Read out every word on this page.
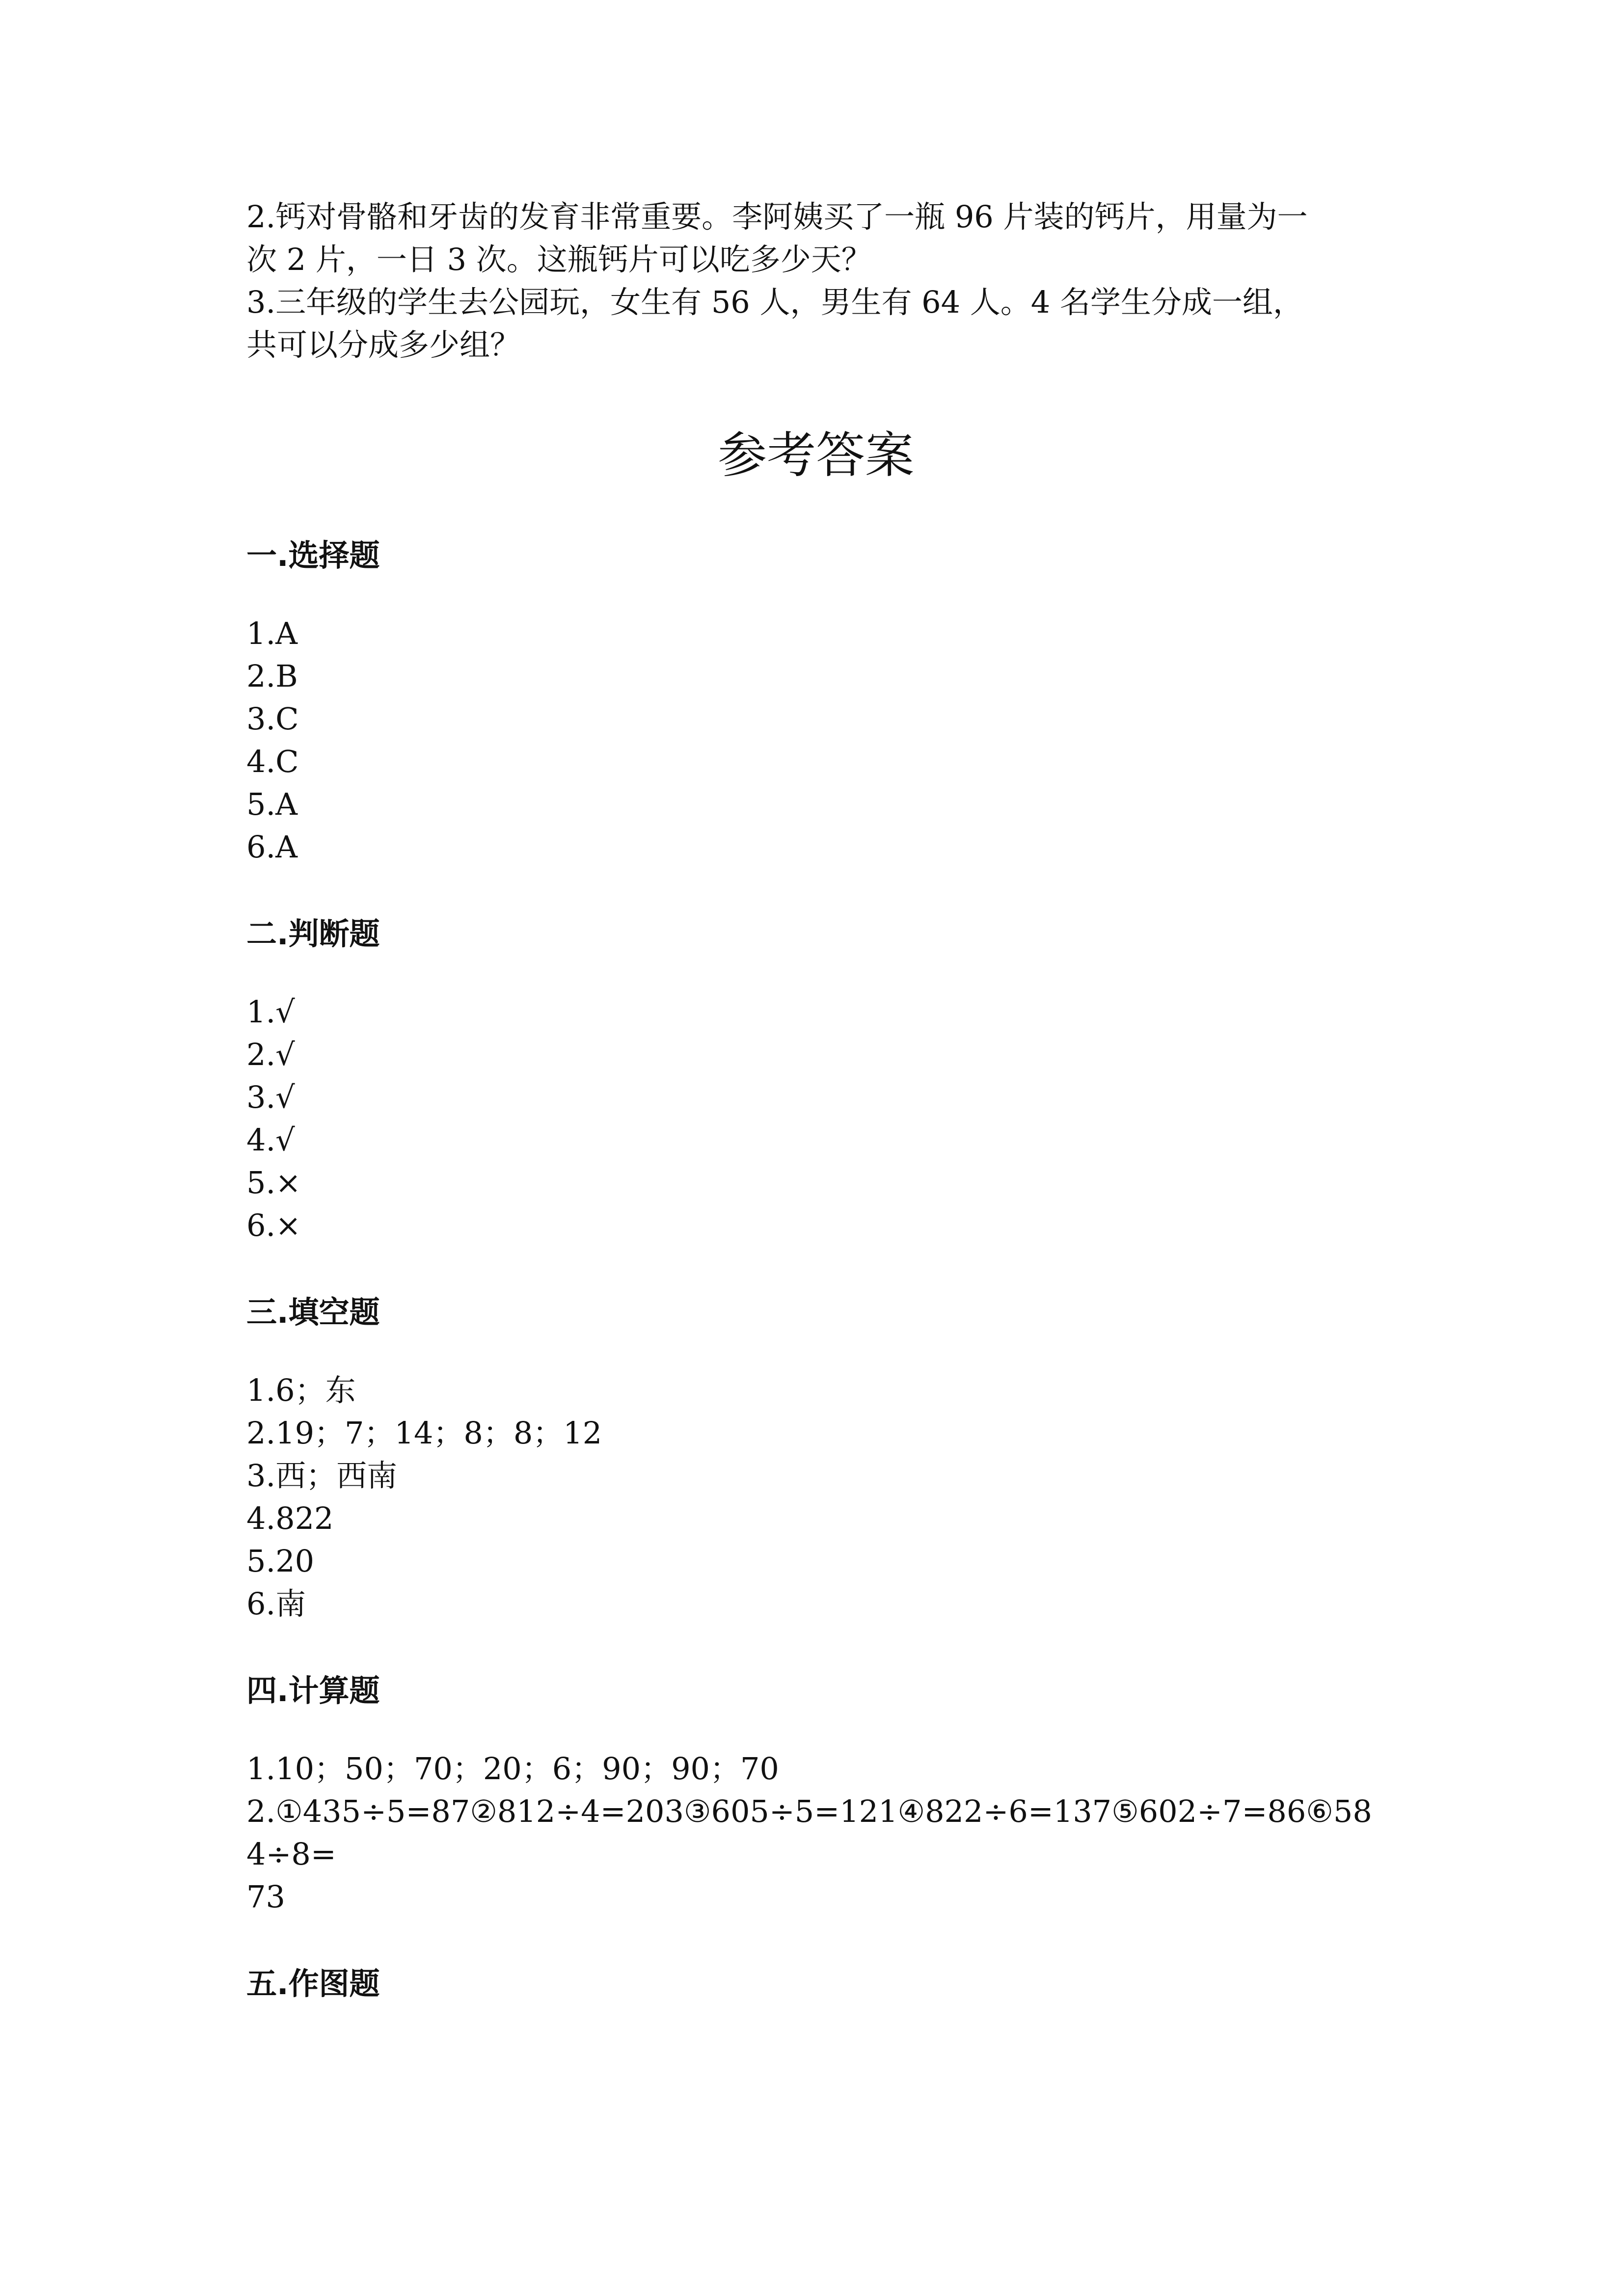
2.钙对骨骼和牙齿的发育非常重要。李阿姨买了一瓶 96 片装的钙片，用量为一
次 2 片，一日 3 次。这瓶钙片可以吃多少天？
3.三年级的学生去公园玩，女生有 56 人，男生有 64 人。4 名学生分成一组，
共可以分成多少组？
参考答案
一.选择题
1.A
2.B
3.C
4.C
5.A
6.A
二.判断题
1.√
2.√
3.√
4.√
5.×
6.×
三.填空题
1.6；东
2.19；7；14；8；8；12
3.西；西南
4.822
5.20
6.南
四.计算题
1.10；50；70；20；6；90；90；70
2.①435÷5=87②812÷4=203③605÷5=121④822÷6=137⑤602÷7=86⑥584÷8=
73
五.作图题
